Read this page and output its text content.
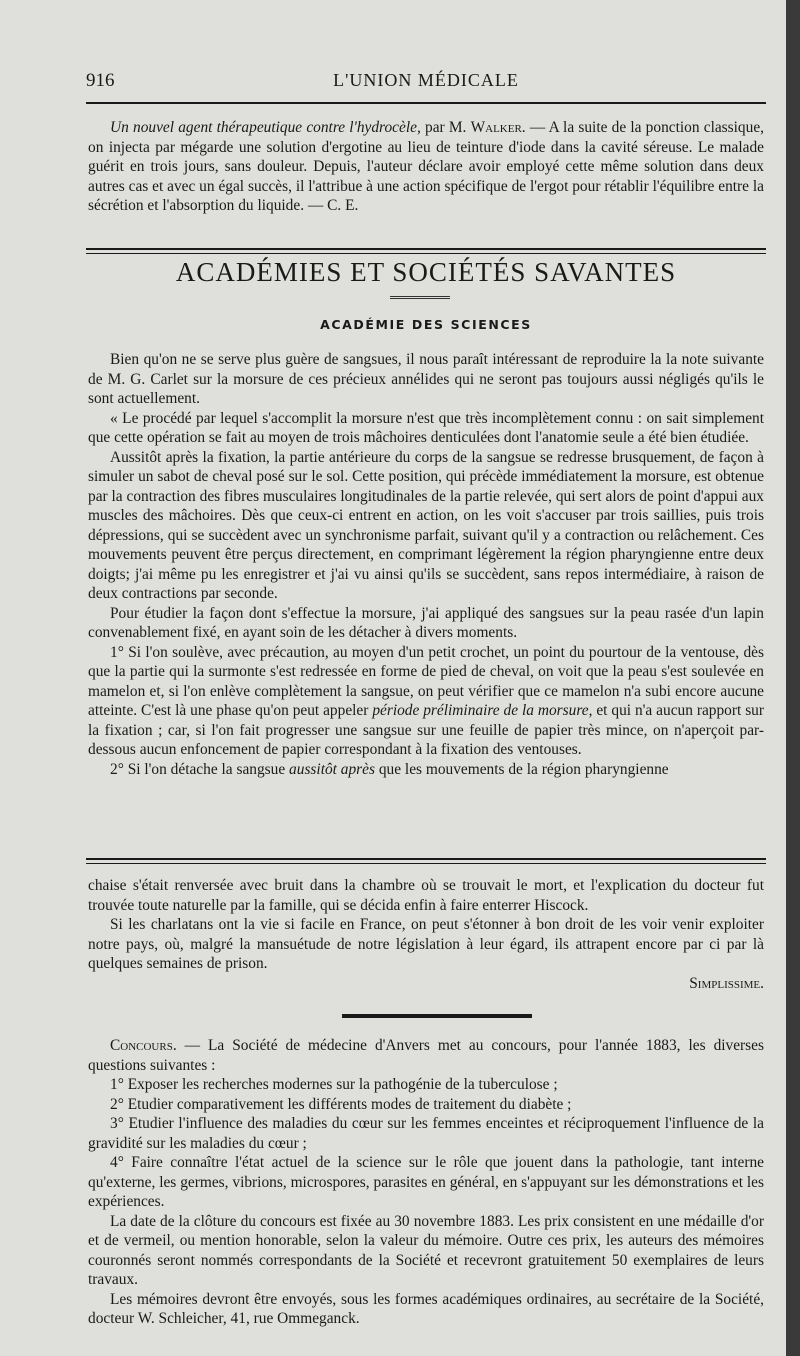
916	L'UNION MÉDICALE

Un nouvel agent thérapeutique contre l'hydrocèle, par M. Walker. — A la suite de la ponction classique, on injecta par mégarde une solution d'ergotine au lieu de teinture d'iode dans la cavité séreuse. Le malade guérit en trois jours, sans douleur. Depuis, l'auteur déclare avoir employé cette même solution dans deux autres cas et avec un égal succès, il l'attribue à une action spécifique de l'ergot pour rétablir l'équilibre entre la sécrétion et l'absorption du liquide. — C. E.

ACADÉMIES ET SOCIÉTÉS SAVANTES
ACADÉMIE DES SCIENCES

Bien qu'on ne se serve plus guère de sangsues, il nous paraît intéressant de reproduire la la note suivante de M. G. Carlet sur la morsure de ces précieux annélides qui ne seront pas toujours aussi négligés qu'ils le sont actuellement.

« Le procédé par lequel s'accomplit la morsure n'est que très incomplètement connu : on sait simplement que cette opération se fait au moyen de trois mâchoires denticulées dont l'anatomie seule a été bien étudiée.

Aussitôt après la fixation, la partie antérieure du corps de la sangsue se redresse brusquement, de façon à simuler un sabot de cheval posé sur le sol. Cette position, qui précède immédiatement la morsure, est obtenue par la contraction des fibres musculaires longitudinales de la partie relevée, qui sert alors de point d'appui aux muscles des mâchoires. Dès que ceux-ci entrent en action, on les voit s'accuser par trois saillies, puis trois dépressions, qui se succèdent avec un synchronisme parfait, suivant qu'il y a contraction ou relâchement. Ces mouvements peuvent être perçus directement, en comprimant légèrement la région pharyngienne entre deux doigts; j'ai même pu les enregistrer et j'ai vu ainsi qu'ils se succèdent, sans repos intermédiaire, à raison de deux contractions par seconde.

Pour étudier la façon dont s'effectue la morsure, j'ai appliqué des sangsues sur la peau rasée d'un lapin convenablement fixé, en ayant soin de les détacher à divers moments.

1° Si l'on soulève, avec précaution, au moyen d'un petit crochet, un point du pourtour de la ventouse, dès que la partie qui la surmonte s'est redressée en forme de pied de cheval, on voit que la peau s'est soulevée en mamelon et, si l'on enlève complètement la sangsue, on peut vérifier que ce mamelon n'a subi encore aucune atteinte. C'est là une phase qu'on peut appeler période préliminaire de la morsure, et qui n'a aucun rapport sur la fixation ; car, si l'on fait progresser une sangsue sur une feuille de papier très mince, on n'aperçoit par-dessous aucun enfoncement de papier correspondant à la fixation des ventouses.

2° Si l'on détache la sangsue aussitôt après que les mouvements de la région pharyngienne

chaise s'était renversée avec bruit dans la chambre où se trouvait le mort, et l'explication du docteur fut trouvée toute naturelle par la famille, qui se décida enfin à faire enterrer Hiscock.

Si les charlatans ont la vie si facile en France, on peut s'étonner à bon droit de les voir venir exploiter notre pays, où, malgré la mansuétude de notre législation à leur égard, ils attrapent encore par ci par là quelques semaines de prison.

Simplissime.

Concours. — La Société de médecine d'Anvers met au concours, pour l'année 1883, les diverses questions suivantes :

1° Exposer les recherches modernes sur la pathogénie de la tuberculose ;

2° Etudier comparativement les différents modes de traitement du diabète ;

3° Etudier l'influence des maladies du cœur sur les femmes enceintes et réciproquement l'influence de la gravidité sur les maladies du cœur ;

4° Faire connaître l'état actuel de la science sur le rôle que jouent dans la pathologie, tant interne qu'externe, les germes, vibrions, microspores, parasites en général, en s'appuyant sur les démonstrations et les expériences.

La date de la clôture du concours est fixée au 30 novembre 1883. Les prix consistent en une médaille d'or et de vermeil, ou mention honorable, selon la valeur du mémoire. Outre ces prix, les auteurs des mémoires couronnés seront nommés correspondants de la Société et recevront gratuitement 50 exemplaires de leurs travaux.

Les mémoires devront être envoyés, sous les formes académiques ordinaires, au secrétaire de la Société, docteur W. Schleicher, 41, rue Ommeganck.
